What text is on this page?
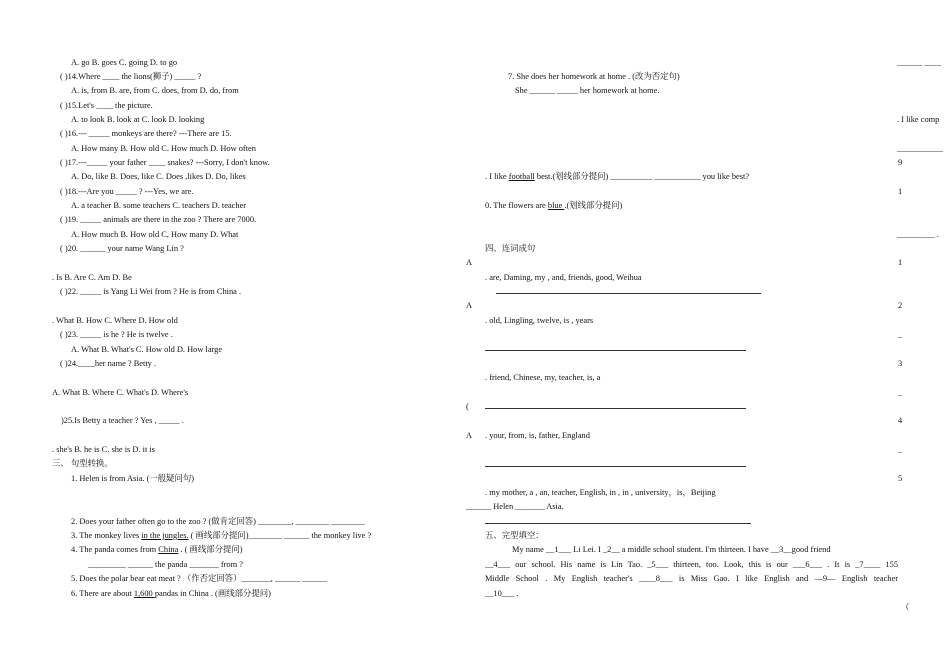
A. go B. goes C. going D. to go
( )14.Where ____ the lions(狮子) _____ ?
A. is, from B. are, from C. does, from D. do, from
( )15.Let's ____ the picture.
A. to look B. look at C. look D. looking
( )16.--- _____ monkeys are there? ---There are 15.
A. How many B. How old C. How much D. How often
( )17.---_____ your father ____ snakes? ---Sorry, I don't know.
A. Do, like B. Does, like C. Does ,likes D. Do, likes
( )18.---Are you _____ ? ---Yes, we are.
A. a teacher B. some teachers C. teachers D. teacher
( )19. _____ animals are there in the zoo ? There are 7000.
A. How much B. How old C, How many D. What
( )20. ______ your name Wang Lin ?
. Is B. Are C. Am D. Be
( )22. _____ is Yang Li Wei from ? He is from China .
. What B. How C. Where D. How old
( )23. _____ is he ? He is twelve .
A. What B. What's C. How old D. How large
( )24.____her name ? Betty .
A. What B. Where C. What's D. Where's
)25.Is Betty a teacher ? Yes , _____ .
. she's B. he is C. she is D. it is
三、 句型转换。
1. Helen is from Asia. (一般疑问句)
2. Does your father often go to the zoo ? (做肯定回答) ________, ________ ________
3. The monkey lives in the jungles. ( 画线部分提问)________ ______ the monkey live ?
4. The panda comes from China . ( 画线部分提问)
_________ ______ the panda _______ from ?
5. Does the polar bear eat meat ? （作否定回答）_______, ______ ______
6. There are about 1,600 pandas in China . (画线部分提问)
7. She does her homework at home . (改为否定句)
She ______ _____ her homework at home.
. I like football best.(划线部分提问) __________ ___________ you like best?
0. The flowers are blue .(划线部分提问)
四、连词成句
A
. are, Daming, my , and, friends, good, Weihua
A
. old, Lingling, twelve, is , years
. friend, Chinese, my, teacher, is, a
(
A . your, from, is, father, England
. my mother, a , an, teacher, English, in , in , university，is，Beijing
______ Helen _______ Asia.
五、完型填空：
My name __1___ Li Lei. I _2__ a middle school student. I'm thirteen. I have __3__good friend
__4___ our school. His name is Lin Tao. _5___ thirteen, too. Look, this is our ___6___ . It is _7____ 155
Middle School . My English teacher's ____8___ is Miss Gao. I like English and —9— English teacher
__10___ .
______ ____
. I like comp
___________
9
1
_________ .
1
2
_
3
_
4
_
5
（
